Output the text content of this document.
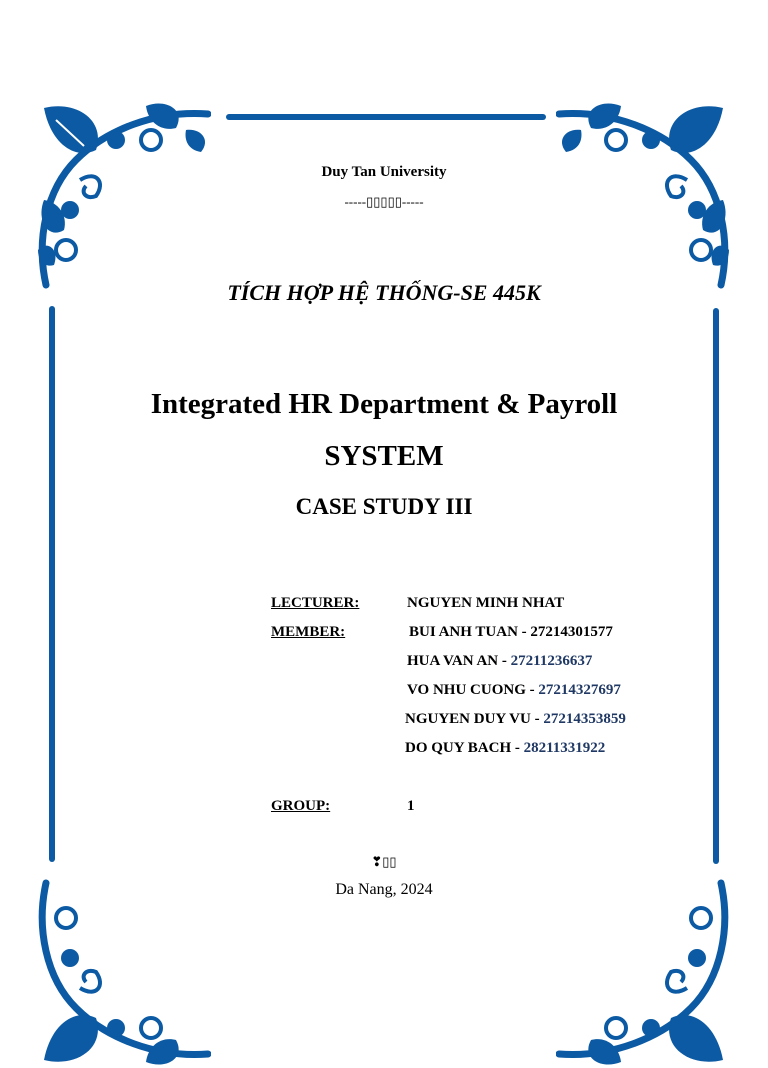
Duy Tan University
-----▯▯▯▯▯-----
TÍCH HỢP HỆ THỐNG-SE 445K
Integrated HR Department & Payroll
SYSTEM
CASE STUDY III
LECTURER:	NGUYEN MINH NHAT
MEMBER:	BUI ANH TUAN - 27214301577
HUA VAN AN - 27211236637
VO NHU CUONG - 27214327697
NGUYEN DUY VU - 27214353859
DO QUY BACH - 28211331922
GROUP:	1
❣▯▯
Da Nang, 2024
